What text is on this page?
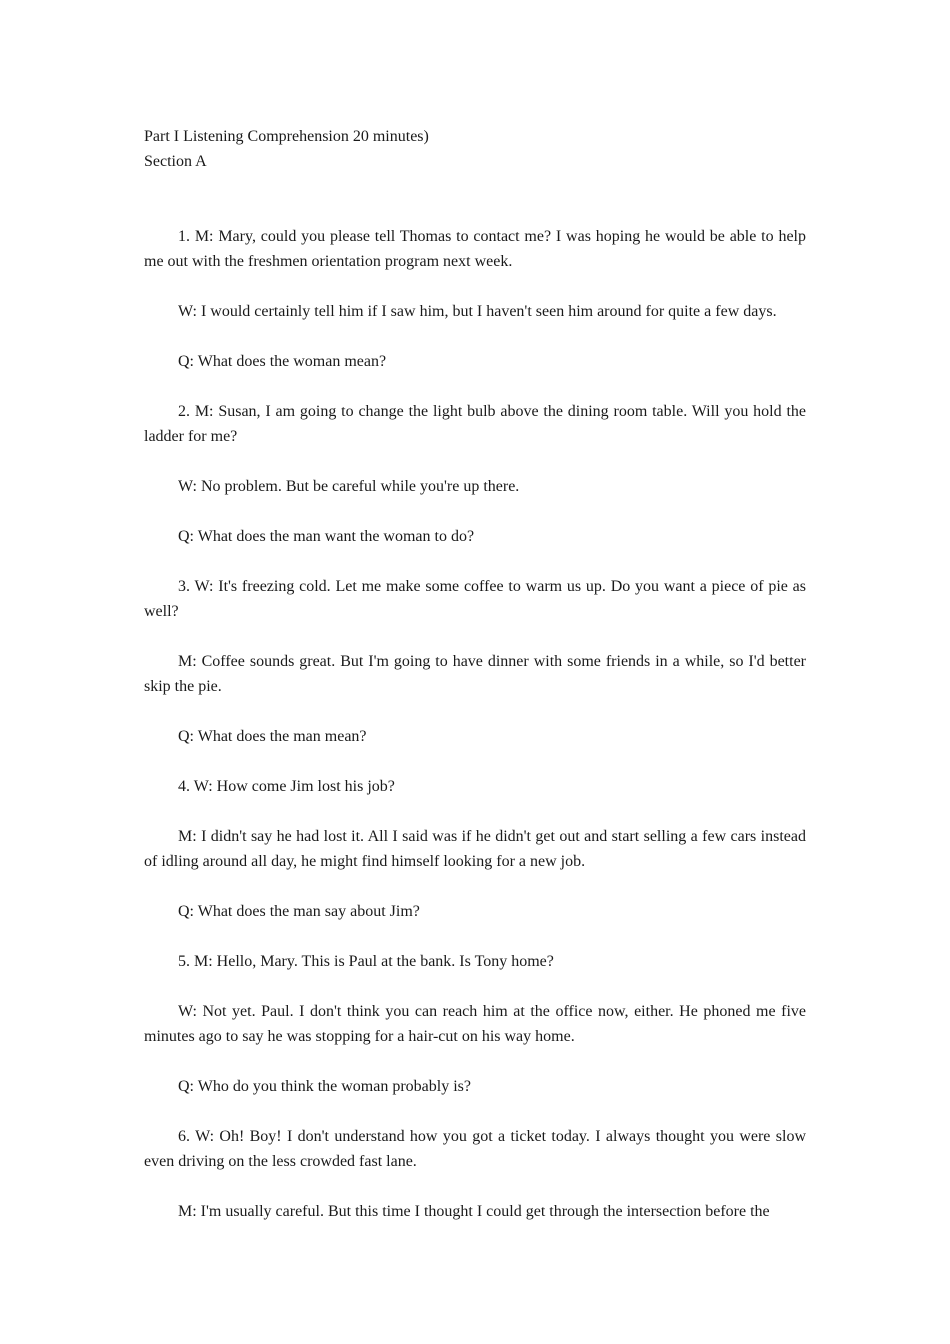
Part I Listening Comprehension 20 minutes)

Section A

1. M: Mary, could you please tell Thomas to contact me? I was hoping he would be able to help me out with the freshmen orientation program next week.

W: I would certainly tell him if I saw him, but I haven't seen him around for quite a few days.

Q: What does the woman mean?

2. M: Susan, I am going to change the light bulb above the dining room table. Will you hold the ladder for me?

W: No problem. But be careful while you're up there.

Q: What does the man want the woman to do?

3. W: It's freezing cold. Let me make some coffee to warm us up. Do you want a piece of pie as well?

M: Coffee sounds great. But I'm going to have dinner with some friends in a while, so I'd better skip the pie.

Q: What does the man mean?

4. W: How come Jim lost his job?

M: I didn't say he had lost it. All I said was if he didn't get out and start selling a few cars instead of idling around all day, he might find himself looking for a new job.

Q: What does the man say about Jim?

5. M: Hello, Mary. This is Paul at the bank. Is Tony home?

W: Not yet. Paul. I don't think you can reach him at the office now, either. He phoned me five minutes ago to say he was stopping for a hair-cut on his way home.

Q: Who do you think the woman probably is?

6. W: Oh! Boy! I don't understand how you got a ticket today. I always thought you were slow even driving on the less crowded fast lane.

M: I'm usually careful. But this time I thought I could get through the intersection before the
